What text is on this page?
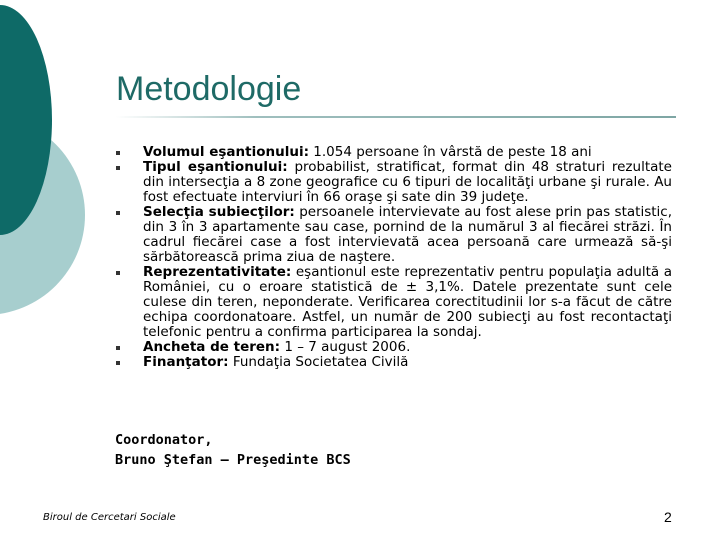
Metodologie
Volumul eşantionului: 1.054 persoane în vârstă de peste 18 ani
Tipul eşantionului: probabilist, stratificat, format din 48 straturi rezultate din intersecţia a 8 zone geografice cu 6 tipuri de localităţi urbane şi rurale. Au fost efectuate interviuri în 66 oraşe şi sate din 39 judeţe.
Selecţia subiecţilor: persoanele intervievate au fost alese prin pas statistic, din 3 în 3 apartamente sau case, pornind de la numărul 3 al fiecărei străzi. În cadrul fiecărei case a fost intervievată acea persoană care urmează să-şi sărbătorească prima ziua de naştere.
Reprezentativitate: eşantionul este reprezentativ pentru populaţia adultă a României, cu o eroare statistică de ± 3,1%. Datele prezentate sunt cele culese din teren, neponderate. Verificarea corectitudinii lor s-a făcut de către echipa coordonatoare. Astfel, un număr de 200 subiecţi au fost recontactaţi telefonic pentru a confirma participarea la sondaj.
Ancheta de teren: 1 – 7 august 2006.
Finanţator: Fundaţia Societatea Civilă
Coordonator,
Bruno Ştefan – Preşedinte BCS
Biroul de Cercetari Sociale	2
